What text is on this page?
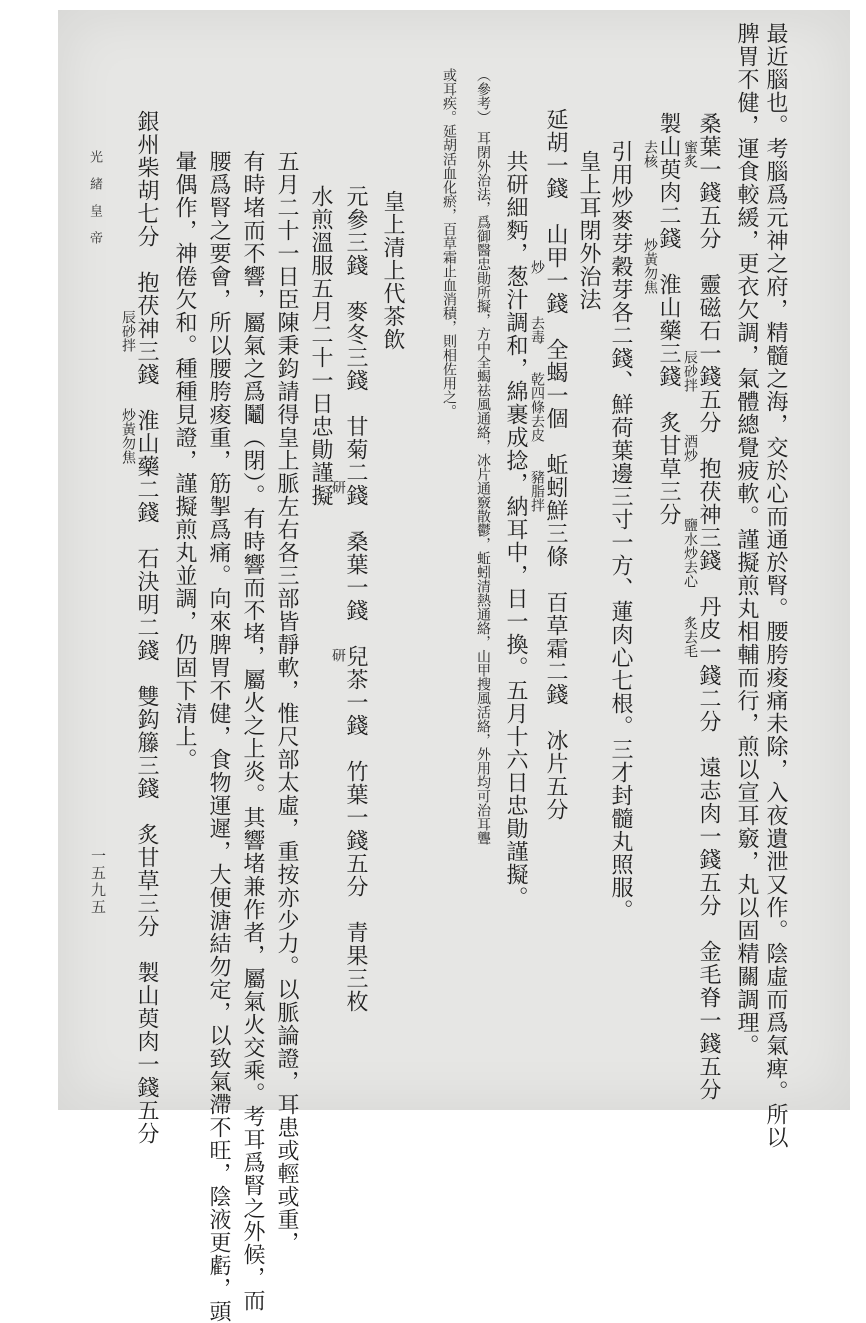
最近腦也。考腦爲元神之府，精髓之海，交於心而通於腎。腰胯痠痛未除，入夜遺泄又作。陰虛而爲氣痺。所以
脾胃不健，運食較緩，更衣欠調，氣體總覺疲軟。謹擬煎丸相輔而行，煎以宣耳竅，丸以固精關調理。
桑葉一錢五分　靈磁石一錢五分　抱茯神三錢　丹皮一錢二分　遠志肉一錢五分　金毛脊一錢五分
蜜炙　　　　　　　　　　　　　辰砂拌　　　酒炒　　　　鹽水炒去心　　炙去毛
製山萸肉二錢　淮山藥三錢　炙甘草三分
去核　　　　　炒黃勿焦
引用炒麥芽穀芽各二錢、鮮荷葉邊三寸一方、蓮肉心七根。三才封髓丸照服。
皇上耳閉外治法
延胡一錢　山甲一錢　全蝎一個　蚯蚓鮮三條　百草霜二錢　冰片五分
炒　　　去毒　　乾四條去皮　　豬脂拌
共研細麪，葱汁調和，綿裹成捻，納耳中，日一換。五月十六日忠勛謹擬。
（參考）　耳閉外治法，爲御醫忠勛所擬，方中全蝎祛風通絡，冰片通竅散鬱，蚯蚓清熱通絡，山甲搜風活絡，外用均可治耳聾
或耳疾。延胡活血化瘀，百草霜止血消積，則相佐用之。
皇上清上代茶飲
元參三錢　麥冬三錢　甘菊二錢　桑葉一錢　兒茶一錢　竹葉一錢五分　青果三枚
研　　　　　　　　　　　研
水煎溫服五月二十一日忠勛謹擬
五月二十一日臣陳秉鈞請得皇上脈左右各三部皆靜軟，惟尺部太虛，重按亦少力。以脈論證，耳患或輕或重，
有時堵而不響，屬氣之爲鬮（閉）。有時響而不堵，屬火之上炎。其響堵兼作者，屬氣火交乘。考耳爲腎之外候，而
腰爲腎之要會，所以腰胯痠重，筋掣爲痛。向來脾胃不健，食物運遲，大便溏結勿定，以致氣滯不旺，陰液更虧，頭
暈偶作，神倦欠和。種種見證，謹擬煎丸並調，仍固下清上。
銀州柴胡七分　抱茯神三錢　淮山藥二錢　石決明二錢　雙鈎籐三錢　炙甘草三分　製山萸肉一錢五分
辰砂拌　　　　炒黃勿焦
光緒皇帝
一五九五
